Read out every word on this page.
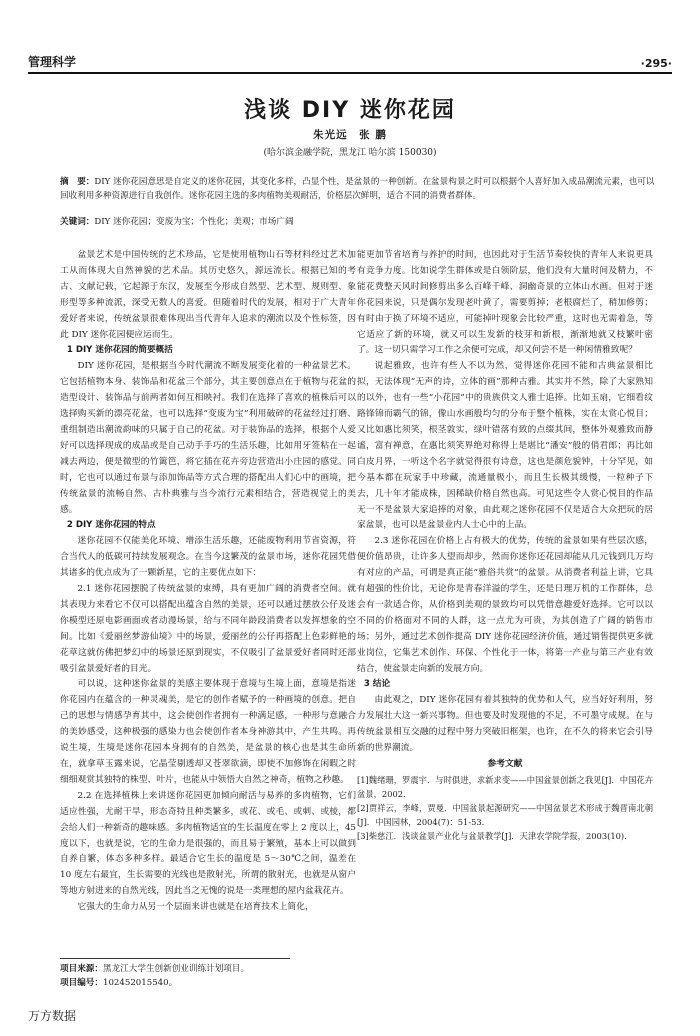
管理科学	·295·
浅谈 DIY 迷你花园
朱光远　张 鹏
(哈尔滨金融学院，黑龙江 哈尔滨 150030)
摘　要：DIY 迷你花园意思是自定义的迷你花园，其变化多样，凸显个性，是盆景的一种创新。在盆景构景之时可以根据个人喜好加入成品潮流元素，也可以回收利用多种资源进行自我创作。迷你花园主选的多肉植物美观耐活，价格层次鲜明，适合不同的消费者群体。
关键词：DIY 迷你花园；变废为宝；个性化；美观；市场广阔

盆景艺术是中国传统的艺术珍品，它是使用植物山石等材料经过艺术加工从而体现大自然神貌的艺术品。其历史悠久，源远流长。根据已知的考古、文献记载，它起源于东汉，发展至今形成自然型、艺术型、规则型、象形型等多种流派，深受无数人的喜爱。但随着时代的发展，相对于广大青年爱好者来说，传统盆景很难体现出当代青年人追求的潮流以及个性标签，因此 DIY 迷你花园便应运而生。

1 DIY 迷你花园的简要概括

DIY 迷你花园，是根据当今时代潮流不断发展变化着的一种盆景艺术。它包括植物本身、装饰品和花盆三个部分，其主要创意点在于植物与花盆的造型设计、装饰品与前两者如何互相映衬。我们在选择了喜欢的植株后可以选择购买新的漂亮花盆，也可以选择“变废为宝”利用破碎的花盆经过打磨、重组制造出潮流韵味的只属于自己的花盆。对于装饰品的选择，根据个人爱好可以选择现成的成品或是自己动手手巧的生活乐趣，比如用牙签粘在一起减去两边，便是微型的竹篱笆，将它插在花卉旁边营造出小庄园的感觉。同时，它也可以通过布景与添加饰品等方式合理的搭配出人们心中的画境，把传统盆景的流畅自然、古朴典雅与当今流行元素相结合，营造视觉上的美感。

2 DIY 迷你花园的特点

迷你花园不仅能美化环境、增添生活乐趣，还能废物利用节省资源，符合当代人的低碳可持续发展观念。在当今这繁茂的盆景市场，迷你花园凭借其诸多的优点成为了一颗新星，它的主要优点如下：

2.1 迷你花园摆脱了传统盆景的束缚，具有更加广阔的消费者空间。就其表现力来看它不仅可以搭配出蕴含自然的美景，还可以通过摆放公仔及迷你模型还原电影画面或者动漫场景，给与不同年龄段消费者以发挥想象的空间。比如《爱丽丝梦游仙境》中的场景，爱丽丝的公仔再搭配上色彩鲜艳的花草这就仿佛把梦幻中的场景还原到现实，不仅吸引了盆景爱好者同时还部吸引盆景爱好者的目光。

可以说，这种迷你盆景的美感主要体现于意境与生境上面，意境是指迷你花园内在蕴含的一种灵魂美，是它的创作者赋予的一种画境的创意。把自己的思想与情感孕育其中，这会使创作者拥有一种满足感，一种形与意融合的美妙感受，这种极强的感染力也会使创作者本身神游其中，产生共鸣。再说生境，生境是迷你花园本身拥有的自然美，是盆景的核心也是其生命所在，就拿草玉露来说，它晶莹剔透却又苍翠欲滴，即使不加修饰在闲暇之时细细观赏其独特的株型、叶片，也能从中领悟大自然之神奇，植物之秒趣。

2.2 在选择植株上来讲迷你花园更加倾向耐活与易养的多肉植物，它们适应性强，尤耐干旱，形态奇特且种类繁多，或花、或毛、或刺、或棱，都会给人们一种新奇的趣味感。多肉植物适宜的生长温度在零上 2 度以上，45 度以下，也就是说，它的生命力是很强的，而且易于繁殖，基本上可以做到自养自繁，体态多种多样。最适合它生长的温度是 5～30℃之间，温差在 10 度左右最宜，生长需要的光线也是散射光，所谓的散射光，也就是从窗户等地方射进来的自然光线，因此当之无愧的说是一类理想的屋内盆栽花卉。

它强大的生命力从另一个层面来讲也就是在培育技术上简化，

能更加节省培育与养护的时间，也因此对于生活节奏较快的青年人来说更具有竞争力度。比如说学生群体或是白领阶层，他们没有大量时间及精力，不能花费整天风时间修剪出多么百峰千峰、洞幽奇景的立体山水画。但对于迷你花园来说，只是偶尔发现老叶黄了，需要剪掉；老根腐烂了，稍加修剪；有时由于换了环境不适应，可能掉叶现象会比较严重，这时也无需着急，等它适应了新的环境，就又可以生发新的枝芽和新根，渐渐地就又枝繁叶密了。这一切只需学习工作之余便可完成，却又何尝不是一种闲情雅致呢？

说起雅致，也许有些人不以为然，觉得迷你花园不能和古典盆景相比拟，无法体现“无声的诗，立体的画”那种古雅。其实并不然，除了大家熟知的以外，也有一些“小花园”中的贵族供文人雅士追捧。比如玉扇，它细看纹路锋锦而霸气的锦，像山水画般均匀的分布于整个植株，实在太赏心悦目；又比如惠比须笑，根茎敦实，绿叶错落有致的点缀其间，整体外观雅致而静谧，富有禅意，在惠比须笑界绝对称得上是堪比“潘安”般的俏君郎；再比如白皮月界，一听这个名字就觉得很有诗意，这也是颜危貌钟，十分罕见，如今基本都在玩家手中珍藏，流通量极小，而且生长极其缓慢，一粒种子下去，几十年才能成株，因稀缺价格自然也高。可见这些令人赏心悦目的作品无一不是盆景大家追捧的对象，由此观之迷你花园不仅是适合大众把玩的居家盆景，也可以是盆景业内人士心中的上品。

2.3 迷你花园在价格上占有极大的优势，传统的盆景如果有些层次感，便价值昂贵，让许多人望而却步，然而你迷你还花园却能从几元钱到几万均有对应的产品，可谓是真正能“雅俗共赏”的盆景。从消费者利益上讲，它具有超强的性价比，无论你是青春洋溢的学生，还是日理万机的工作群体，总会有一款适合你，从价格到美观的景致均可以凭借意趣爱好选择。它可以以不同的价格面对不同的人群，这一点尤为可贵，为其创造了广阔的销售市场；另外，通过艺术创作提高 DIY 迷你花园经济价值，通过销售提供更多就业岗位，它集艺术创作、环保、个性化于一体，将第一产业与第三产业有效结合，使盆景走向新的发展方向。

3 结论

由此观之，DIY 迷你花园有着其独特的优势和人气，应当好好利用，努力发展壮大这一新兴事物。但也要及时发现他的不足，不可墨守成规。在与传统盆景相互交融的过程中努力突破旧框架，也许，在不久的将来它会引导新的世界潮流。

参考文献

[1]魏绪珊，罗震宇．与时俱进，求新求变——中国盆景创新之我见[J]．中国花卉盆景，2002.

[2]贾祥云，李峰，贾曼．中国盆景起源研究——中国盆景艺术形成于魏晋南北朝[J]．中国园林，2004(7)：51-53.

[3]柴慈江．浅谈盆景产业化与盆景教学[J]．天津农学院学报，2003(10).

项目来源：黑龙江大学生创新创业训练计划项目。
项目编号：102452015540。
万方数据
